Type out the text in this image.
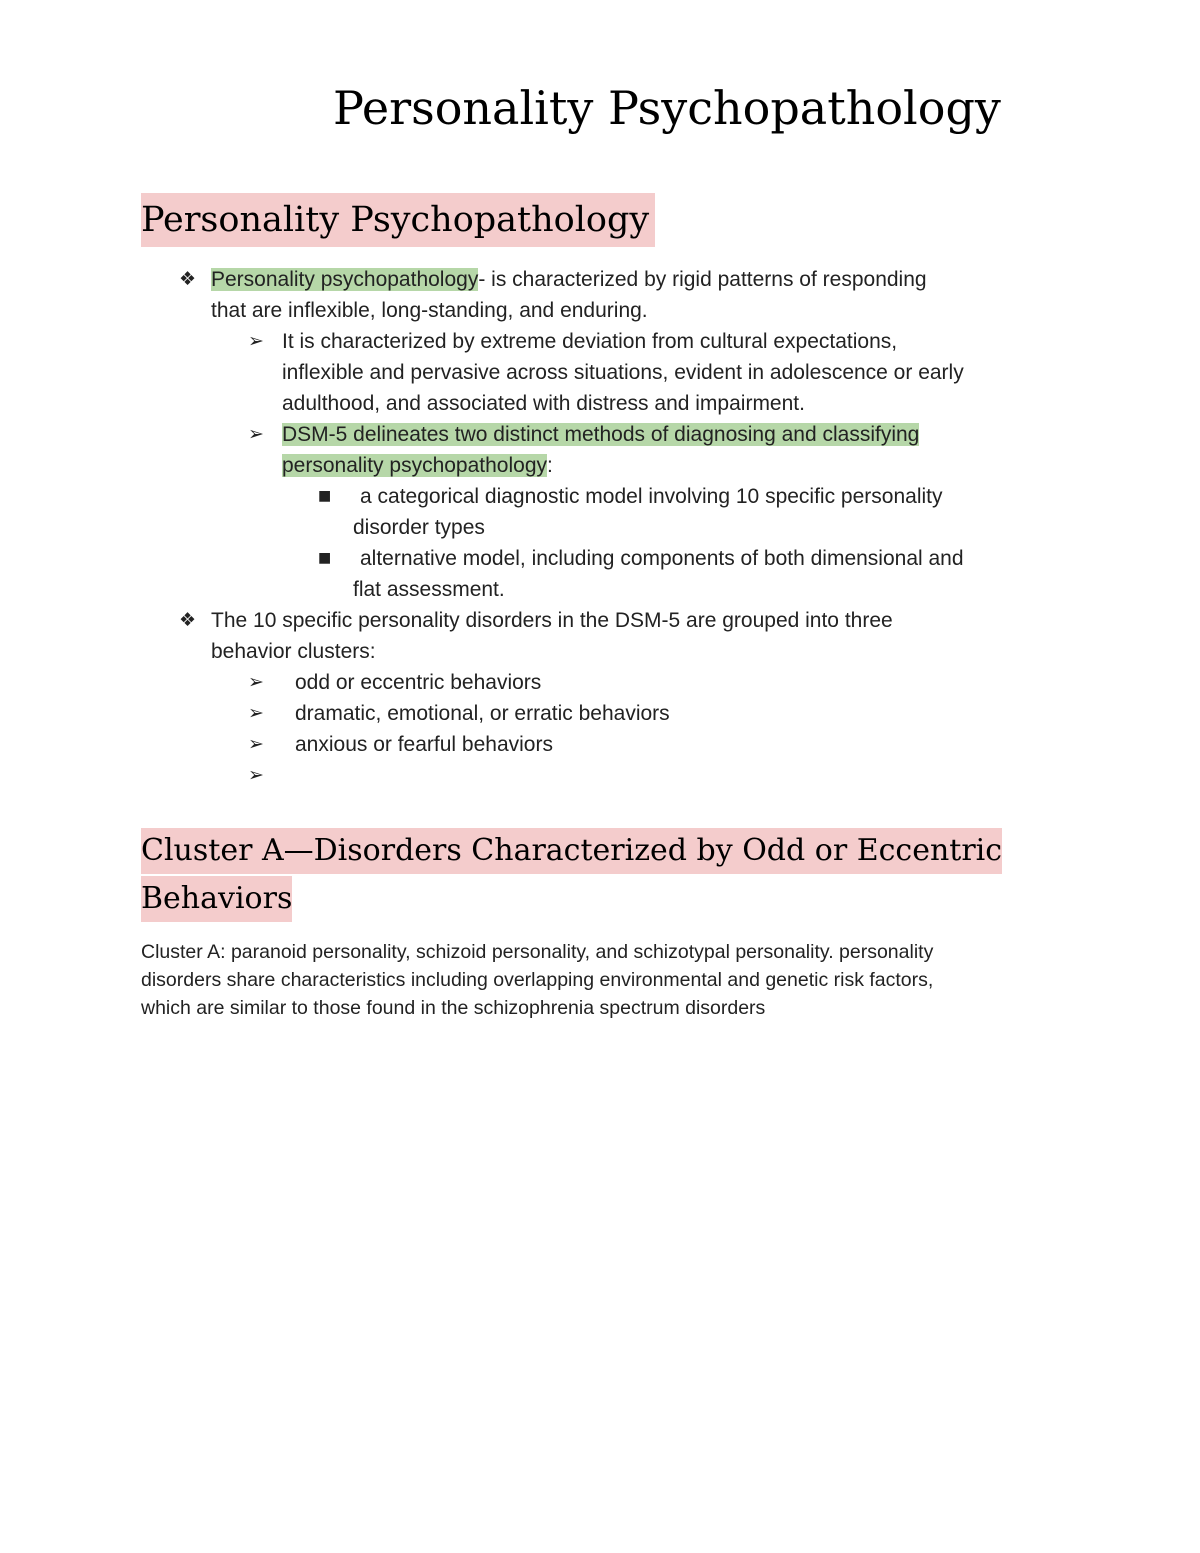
Personality Psychopathology
Personality Psychopathology
❖ Personality psychopathology- is characterized by rigid patterns of responding
that are inflexible, long-standing, and enduring.
➢ It is characterized by extreme deviation from cultural expectations,
inflexible and pervasive across situations, evident in adolescence or early
adulthood, and associated with distress and impairment.
➢ DSM-5 delineates two distinct methods of diagnosing and classifying
personality psychopathology:
■ a categorical diagnostic model involving 10 specific personality
disorder types
■ alternative model, including components of both dimensional and
flat assessment.
❖ The 10 specific personality disorders in the DSM-5 are grouped into three
behavior clusters:
➢ odd or eccentric behaviors
➢ dramatic, emotional, or erratic behaviors
➢ anxious or fearful behaviors
➢
Cluster A—Disorders Characterized by Odd or Eccentric
Behaviors
Cluster A: paranoid personality, schizoid personality, and schizotypal personality. personality
disorders share characteristics including overlapping environmental and genetic risk factors,
which are similar to those found in the schizophrenia spectrum disorders
